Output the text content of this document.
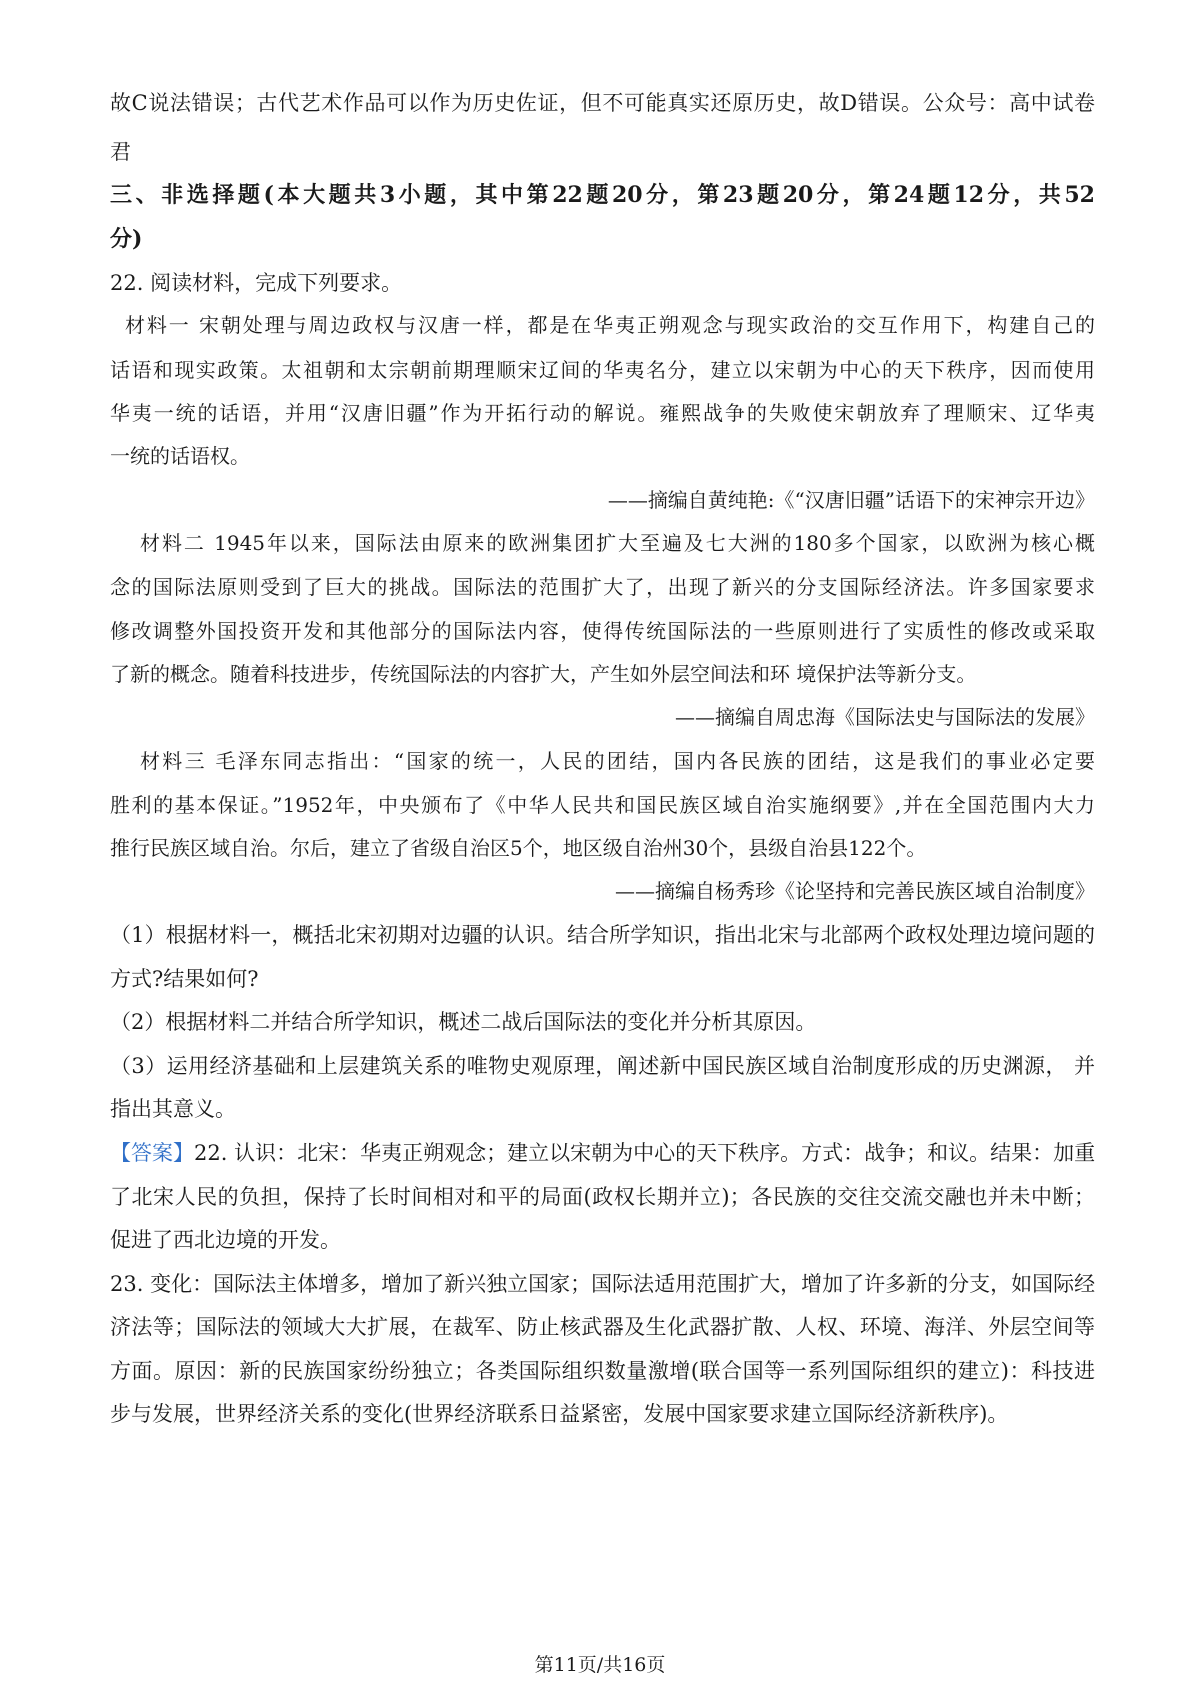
故C说法错误；古代艺术作品可以作为历史佐证，但不可能真实还原历史，故D错误。公众号：高中试卷
君
三、非选择题(本大题共3小题，其中第22题20分，第23题20分，第24题12分，共52
分)
22. 阅读材料，完成下列要求。
材料一 宋朝处理与周边政权与汉唐一样，都是在华夷正朔观念与现实政治的交互作用下，构建自己的
话语和现实政策。太祖朝和太宗朝前期理顺宋辽间的华夷名分，建立以宋朝为中心的天下秩序，因而使用
华夷一统的话语，并用“汉唐旧疆”作为开拓行动的解说。雍熙战争的失败使宋朝放弃了理顺宋、辽华夷
一统的话语权。
——摘编自黄纯艳:《“汉唐旧疆”话语下的宋神宗开边》
材料二 1945年以来，国际法由原来的欧洲集团扩大至遍及七大洲的180多个国家，以欧洲为核心概
念的国际法原则受到了巨大的挑战。国际法的范围扩大了，出现了新兴的分支国际经济法。许多国家要求
修改调整外国投资开发和其他部分的国际法内容，使得传统国际法的一些原则进行了实质性的修改或采取
了新的概念。随着科技进步，传统国际法的内容扩大，产生如外层空间法和环 境保护法等新分支。
——摘编自周忠海《国际法史与国际法的发展》
材料三 毛泽东同志指出：“国家的统一，人民的团结，国内各民族的团结，这是我们的事业必定要
胜利的基本保证。”1952年，中央颁布了《中华人民共和国民族区域自治实施纲要》,并在全国范围内大力
推行民族区域自治。尔后，建立了省级自治区5个，地区级自治州30个，县级自治县122个。
——摘编自杨秀珍《论坚持和完善民族区域自治制度》
（1）根据材料一，概括北宋初期对边疆的认识。结合所学知识，指出北宋与北部两个政权处理边境问题的
方式?结果如何?
（2）根据材料二并结合所学知识，概述二战后国际法的变化并分析其原因。
（3）运用经济基础和上层建筑关系的唯物史观原理，阐述新中国民族区域自治制度形成的历史渊源， 并
指出其意义。
【答案】22. 认识：北宋：华夷正朔观念；建立以宋朝为中心的天下秩序。方式：战争；和议。结果：加重
了北宋人民的负担，保持了长时间相对和平的局面(政权长期并立)；各民族的交往交流交融也并未中断；
促进了西北边境的开发。
23. 变化：国际法主体增多，增加了新兴独立国家；国际法适用范围扩大，增加了许多新的分支，如国际经
济法等；国际法的领域大大扩展，在裁军、防止核武器及生化武器扩散、人权、环境、海洋、外层空间等
方面。原因：新的民族国家纷纷独立；各类国际组织数量激增(联合国等一系列国际组织的建立)：科技进
步与发展，世界经济关系的变化(世界经济联系日益紧密，发展中国家要求建立国际经济新秩序)。
第11页/共16页
